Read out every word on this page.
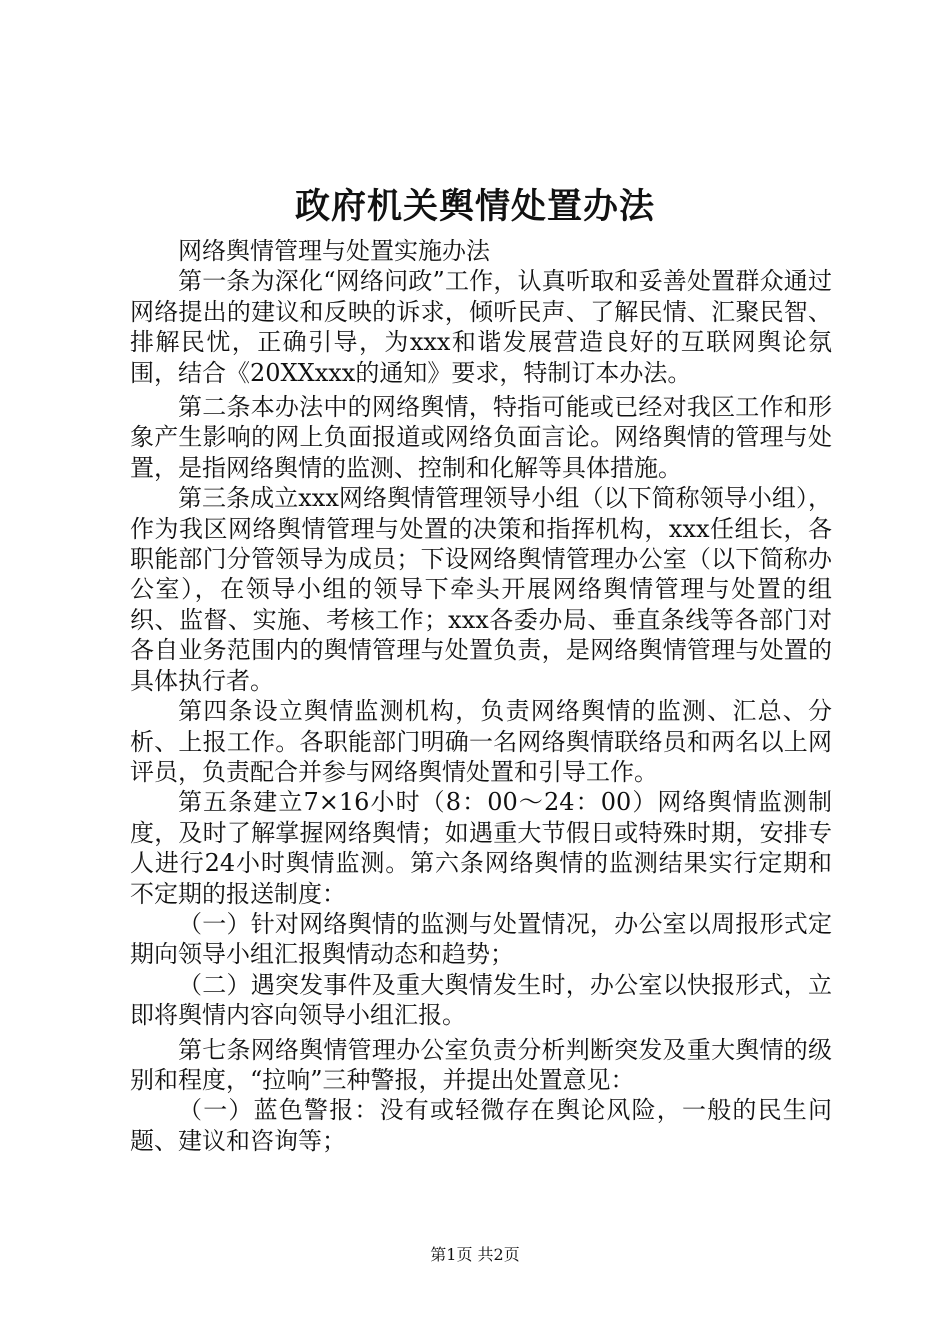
政府机关舆情处置办法

网络舆情管理与处置实施办法

第一条为深化“网络问政”工作，认真听取和妥善处置群众通过网络提出的建议和反映的诉求，倾听民声、了解民情、汇聚民智、排解民忧，正确引导，为xxx和谐发展营造良好的互联网舆论氛围，结合《20XXxxx的通知》要求，特制订本办法。

第二条本办法中的网络舆情，特指可能或已经对我区工作和形象产生影响的网上负面报道或网络负面言论。网络舆情的管理与处置，是指网络舆情的监测、控制和化解等具体措施。

第三条成立xxx网络舆情管理领导小组（以下简称领导小组），作为我区网络舆情管理与处置的决策和指挥机构，xxx任组长，各职能部门分管领导为成员；下设网络舆情管理办公室（以下简称办公室），在领导小组的领导下牵头开展网络舆情管理与处置的组织、监督、实施、考核工作；xxx各委办局、垂直条线等各部门对各自业务范围内的舆情管理与处置负责，是网络舆情管理与处置的具体执行者。

第四条设立舆情监测机构，负责网络舆情的监测、汇总、分析、上报工作。各职能部门明确一名网络舆情联络员和两名以上网评员，负责配合并参与网络舆情处置和引导工作。

第五条建立7×16小时（8：00～24：00）网络舆情监测制度，及时了解掌握网络舆情；如遇重大节假日或特殊时期，安排专人进行24小时舆情监测。第六条网络舆情的监测结果实行定期和不定期的报送制度：

（一）针对网络舆情的监测与处置情况，办公室以周报形式定期向领导小组汇报舆情动态和趋势；

（二）遇突发事件及重大舆情发生时，办公室以快报形式，立即将舆情内容向领导小组汇报。

第七条网络舆情管理办公室负责分析判断突发及重大舆情的级别和程度，“拉响”三种警报，并提出处置意见：

（一）蓝色警报：没有或轻微存在舆论风险，一般的民生问题、建议和咨询等；

第1页 共2页
